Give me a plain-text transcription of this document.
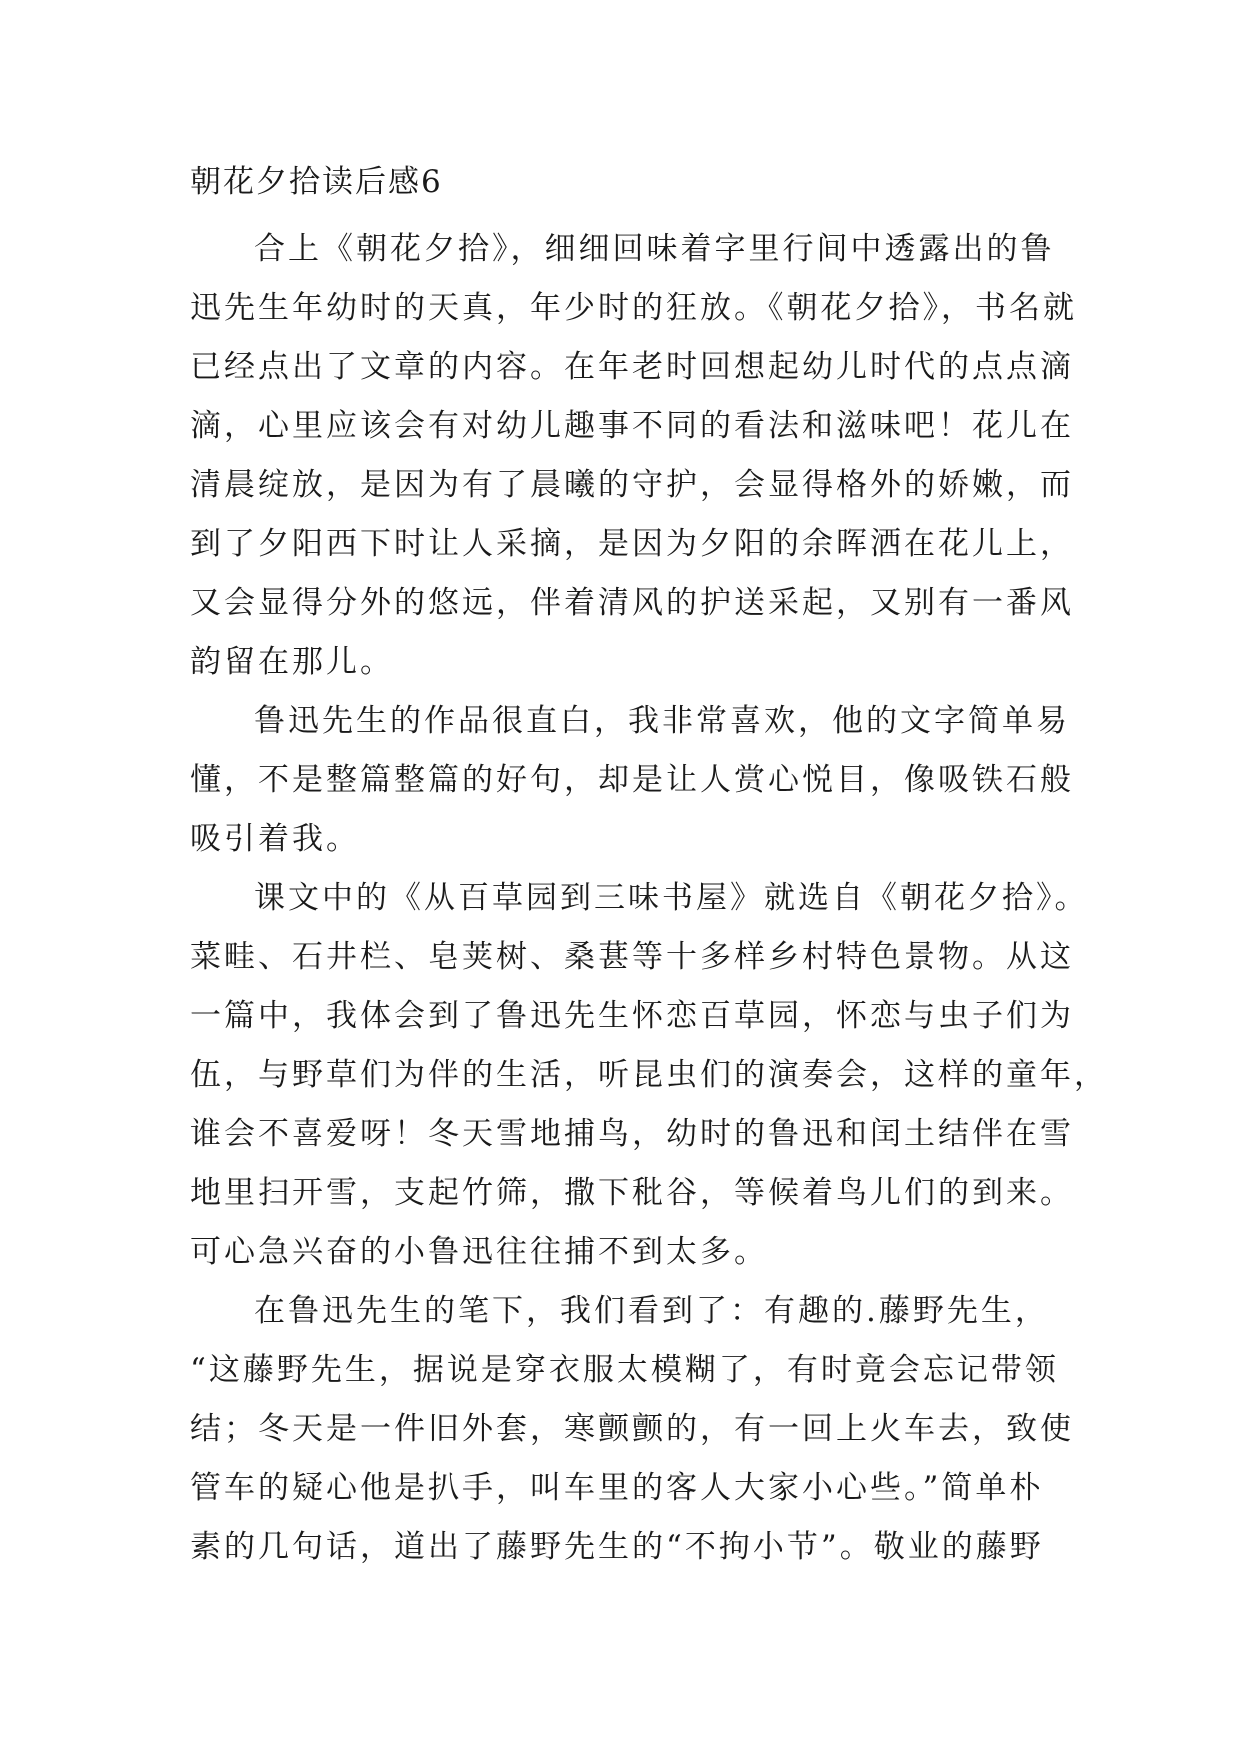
朝花夕拾读后感6
合上《朝花夕拾》，细细回味着字里行间中透露出的鲁
迅先生年幼时的天真，年少时的狂放。《朝花夕拾》，书名就
已经点出了文章的内容。在年老时回想起幼儿时代的点点滴
滴，心里应该会有对幼儿趣事不同的看法和滋味吧！花儿在
清晨绽放，是因为有了晨曦的守护，会显得格外的娇嫩，而
到了夕阳西下时让人采摘，是因为夕阳的余晖洒在花儿上，
又会显得分外的悠远，伴着清风的护送采起，又别有一番风
韵留在那儿。
鲁迅先生的作品很直白，我非常喜欢，他的文字简单易
懂，不是整篇整篇的好句，却是让人赏心悦目，像吸铁石般
吸引着我。
课文中的《从百草园到三味书屋》就选自《朝花夕拾》。
菜畦、石井栏、皂荚树、桑葚等十多样乡村特色景物。从这
一篇中，我体会到了鲁迅先生怀恋百草园，怀恋与虫子们为
伍，与野草们为伴的生活，听昆虫们的演奏会，这样的童年，
谁会不喜爱呀！冬天雪地捕鸟，幼时的鲁迅和闰土结伴在雪
地里扫开雪，支起竹筛，撒下秕谷，等候着鸟儿们的到来。
可心急兴奋的小鲁迅往往捕不到太多。
在鲁迅先生的笔下，我们看到了：有趣的.藤野先生，
“这藤野先生，据说是穿衣服太模糊了，有时竟会忘记带领
结；冬天是一件旧外套，寒颤颤的，有一回上火车去，致使
管车的疑心他是扒手，叫车里的客人大家小心些。”简单朴
素的几句话，道出了藤野先生的“不拘小节”。敬业的藤野
